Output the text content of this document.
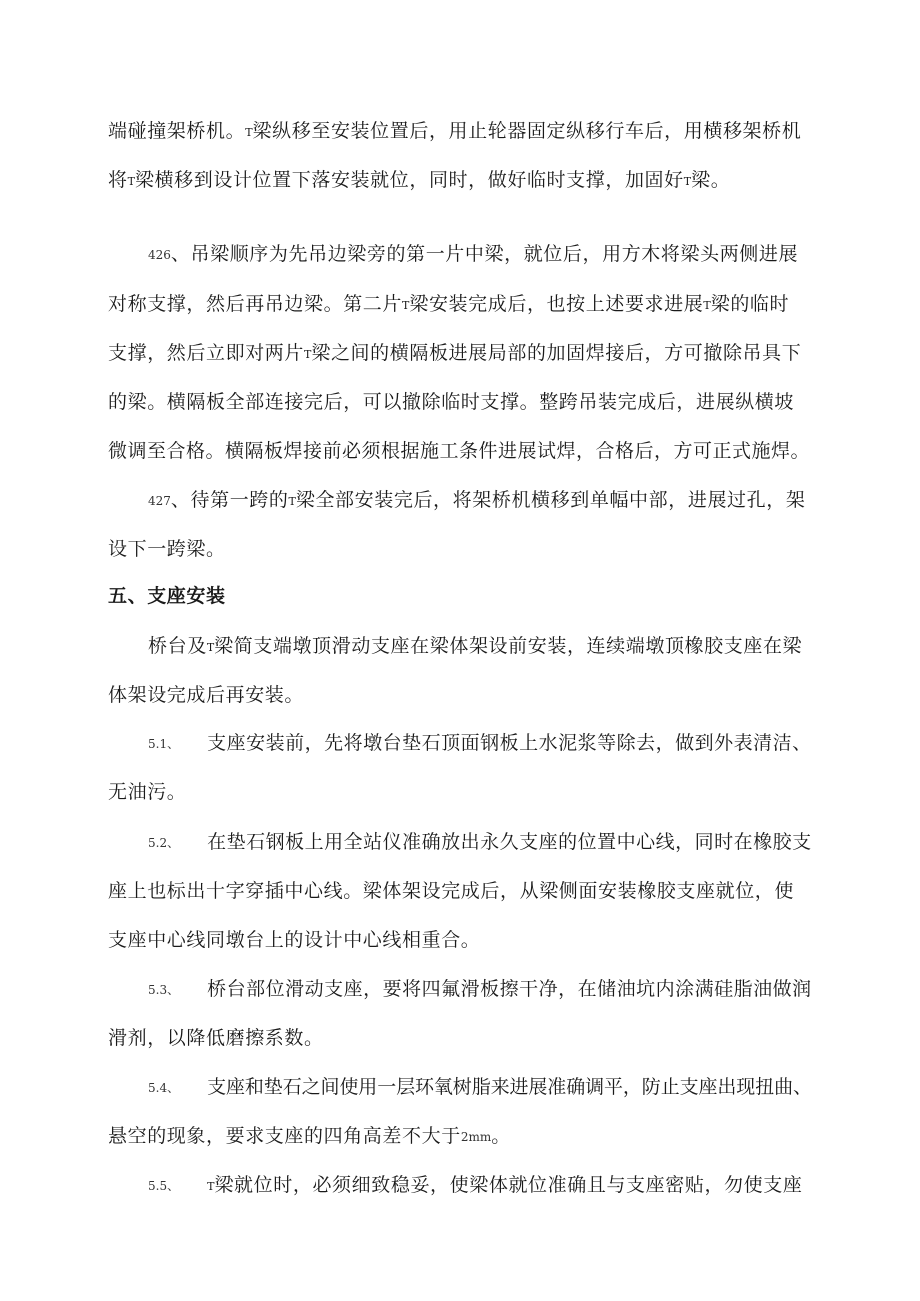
端碰撞架桥机。T梁纵移至安装位置后，用止轮器固定纵移行车后，用横移架桥机
将T梁横移到设计位置下落安装就位，同时，做好临时支撑，加固好T梁。
426、吊梁顺序为先吊边梁旁的第一片中梁，就位后，用方木将梁头两侧进展
对称支撑，然后再吊边梁。第二片T梁安装完成后，也按上述要求进展T梁的临时
支撑，然后立即对两片T梁之间的横隔板进展局部的加固焊接后，方可撤除吊具下
的梁。横隔板全部连接完后，可以撤除临时支撑。整跨吊装完成后，进展纵横坡
微调至合格。横隔板焊接前必须根据施工条件进展试焊，合格后，方可正式施焊。
427、待第一跨的T梁全部安装完后，将架桥机横移到单幅中部，进展过孔，架
设下一跨梁。
五、支座安装
桥台及T梁简支端墩顶滑动支座在梁体架设前安装，连续端墩顶橡胶支座在梁
体架设完成后再安装。
5.1、 支座安装前，先将墩台垫石顶面钢板上水泥浆等除去，做到外表清洁、
无油污。
5.2、 在垫石钢板上用全站仪准确放出永久支座的位置中心线，同时在橡胶支
座上也标出十字穿插中心线。梁体架设完成后，从梁侧面安装橡胶支座就位，使
支座中心线同墩台上的设计中心线相重合。
5.3、 桥台部位滑动支座，要将四氟滑板擦干净，在储油坑内涂满硅脂油做润
滑剂，以降低磨擦系数。
5.4、 支座和垫石之间使用一层环氧树脂来进展准确调平，防止支座出现扭曲、
悬空的现象，要求支座的四角高差不大于2mm。
5.5、	T梁就位时，必须细致稳妥，使梁体就位准确且与支座密贴，勿使支座
